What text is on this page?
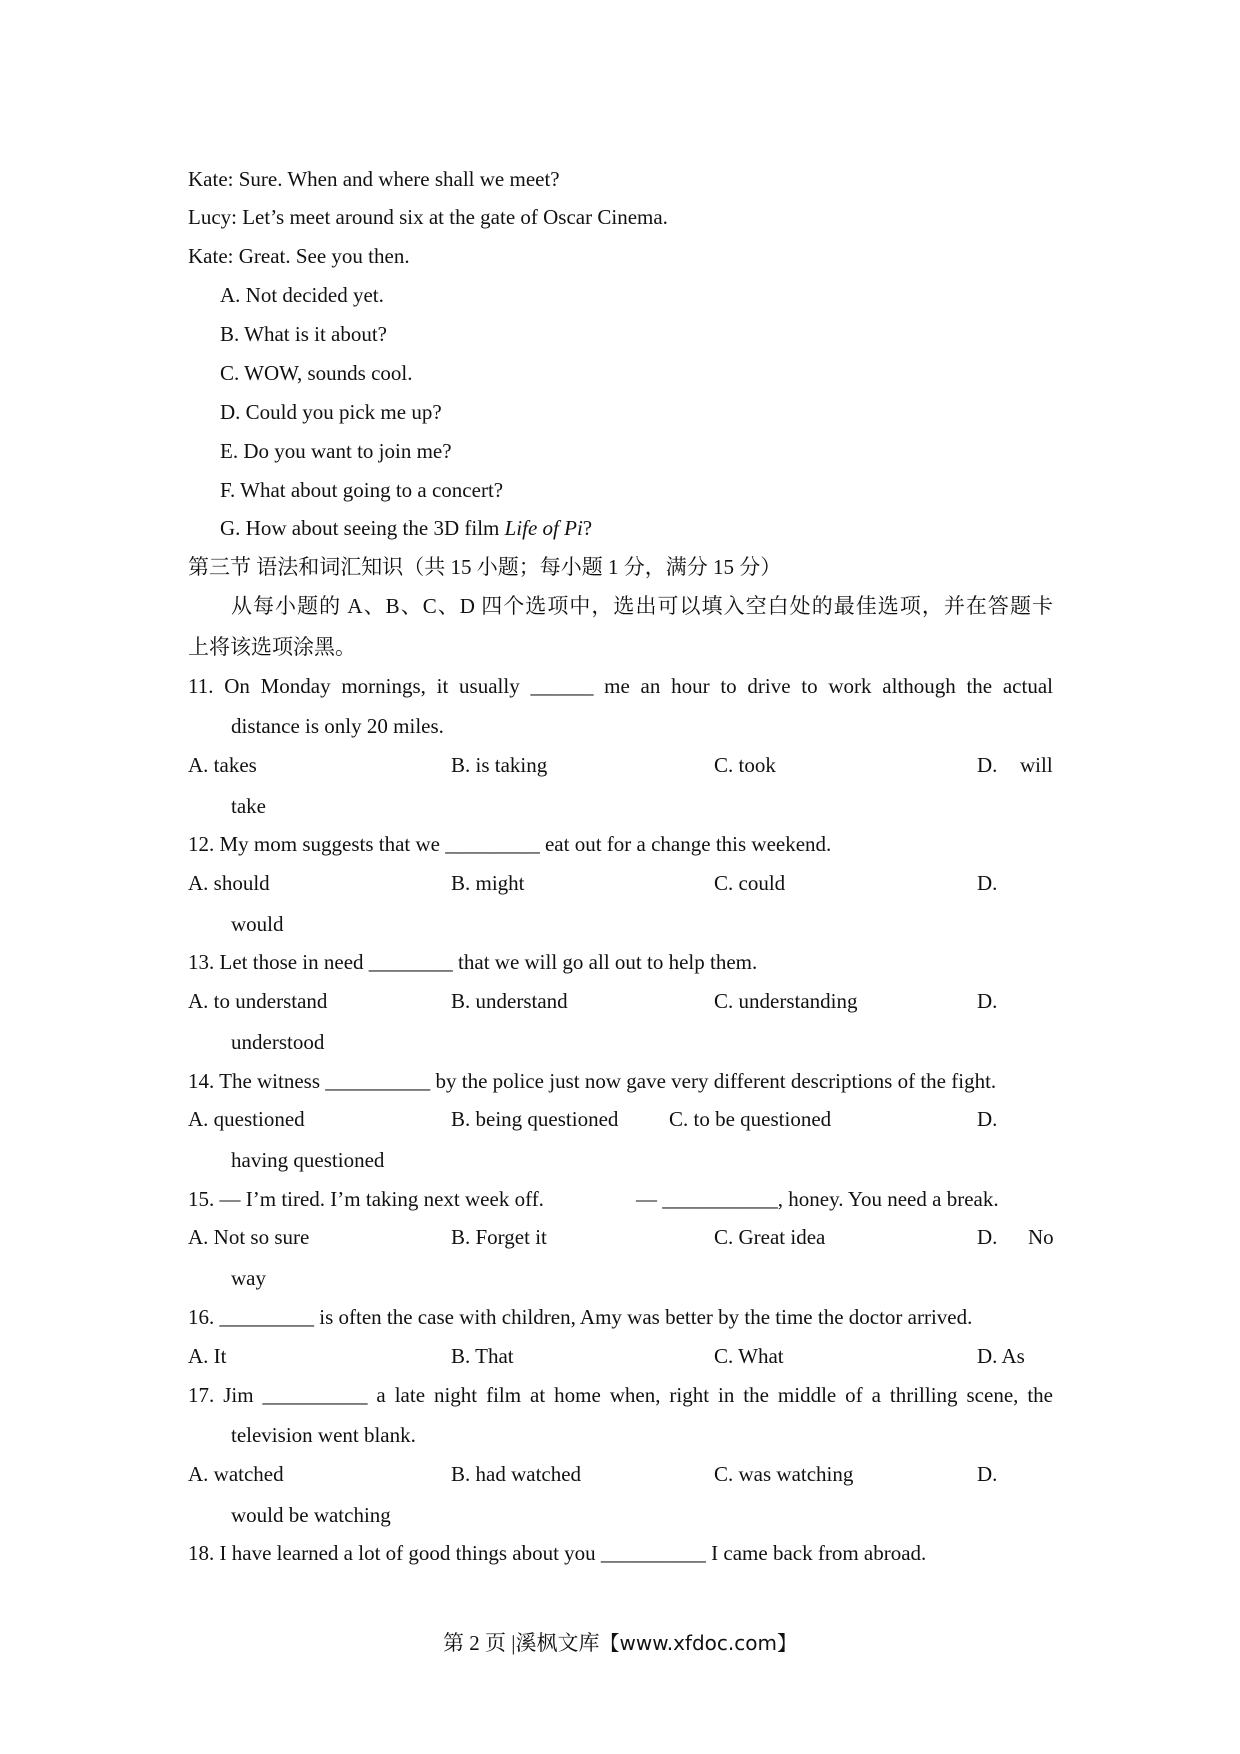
Kate: Sure. When and where shall we meet?
Lucy: Let’s meet around six at the gate of Oscar Cinema.
Kate: Great. See you then.
A. Not decided yet.
B. What is it about?
C. WOW, sounds cool.
D. Could you pick me up?
E. Do you want to join me?
F. What about going to a concert?
G. How about seeing the 3D film Life of Pi?
第三节 语法和词汇知识（共 15 小题；每小题 1 分，满分 15 分）
从每小题的 A、B、C、D 四个选项中，选出可以填入空白处的最佳选项，并在答题卡
上将该选项涂黑。
11. On Monday mornings, it usually ______ me an hour to drive to work although the actual
distance is only 20 miles.
A. takes	B. is taking	C. took	D. will
take
12. My mom suggests that we _________ eat out for a change this weekend.
A. should	B. might	C. could	D.
would
13. Let those in need ________ that we will go all out to help them.
A. to understand	B. understand	C. understanding	D.
understood
14. The witness __________ by the police just now gave very different descriptions of the fight.
A. questioned	B. being questioned C. to be questioned	D.
having questioned
15. — I’m tired. I’m taking next week off.	— ___________, honey. You need a break.
A. Not so sure	B. Forget it	C. Great idea	D. No
way
16. _________ is often the case with children, Amy was better by the time the doctor arrived.
A. It	B. That	C. What	D. As
17. Jim __________ a late night film at home when, right in the middle of a thrilling scene, the
television went blank.
A. watched	B. had watched	C. was watching	D.
would be watching
18. I have learned a lot of good things about you __________ I came back from abroad.
第 2 页 |溪枫文库【www.xfdoc.com】
